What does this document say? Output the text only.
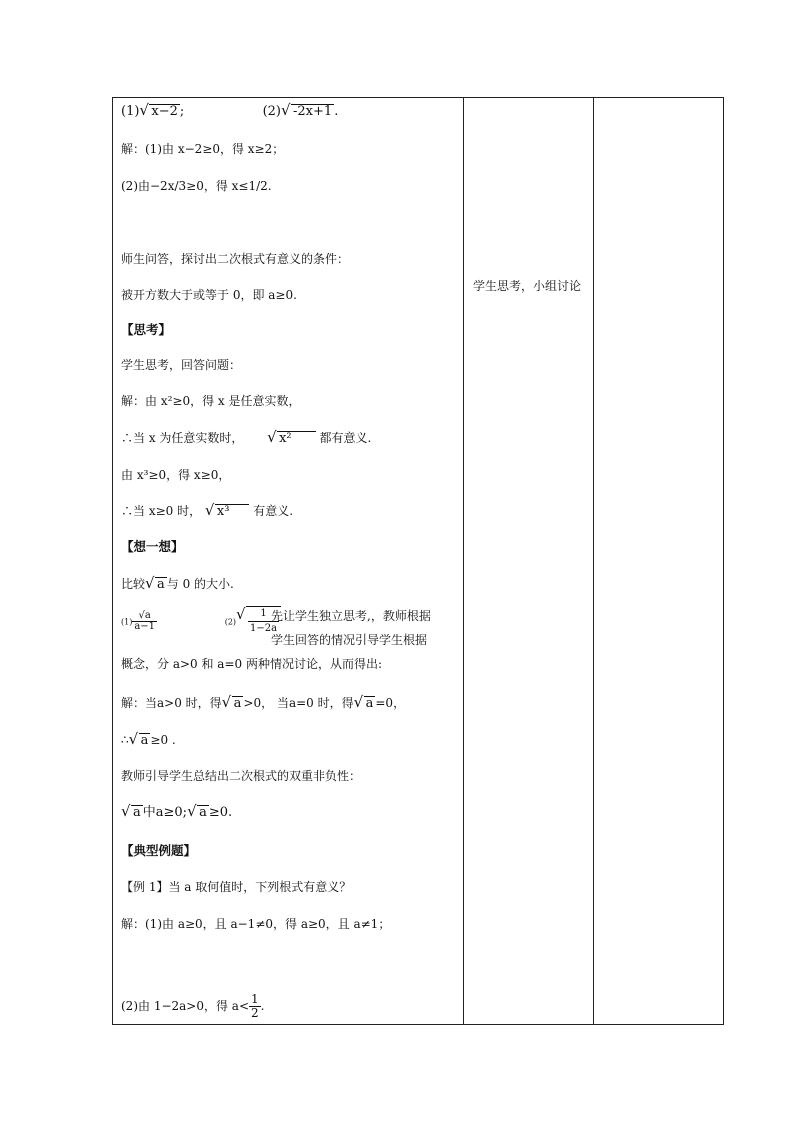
(1) √ x−2 ;	(2) √ -2x+1 .
解：(1)由 x−2≥0，得 x≥2；
(2)由−2x/3≥0，得 x≤1/2.
师生问答，探讨出二次根式有意义的条件：
被开方数大于或等于 0，即 a≥0.
【思考】
学生思考，回答问题：
解：由 x²≥0，得 x 是任意实数，
∴当 x 为任意实数时，	√ x² 都有意义.
由 x³≥0，得 x≥0，
∴当 x≥0 时， √ x³ 有意义.
【想一想】
比较 √ a 与 0 的大小.
$(1) \frac{√a}{a-1}$	(2) √ $\frac{1}{1-2a}$
先让学生独立思考,，教师根据
学生回答的情况引导学生根据
概念，分 a>0 和 a=0 两种情况讨论，从而得出:
解：当a>0 时，得 √ a >0， 当a=0 时，得 √ a =0，
∴ √ a ≥0 .
教师引导学生总结出二次根式的双重非负性：
√ a 中a≥0; √ a ≥0.
【典型例题】
【例 1】当 a 取何值时，下列根式有意义？
解：(1)由 a≥0，且 a−1≠0，得 a≥0，且 a≠1；
(2)由 1−2a>0，得 $a< \frac{1}{2}$ .
学生思考，小组讨论
